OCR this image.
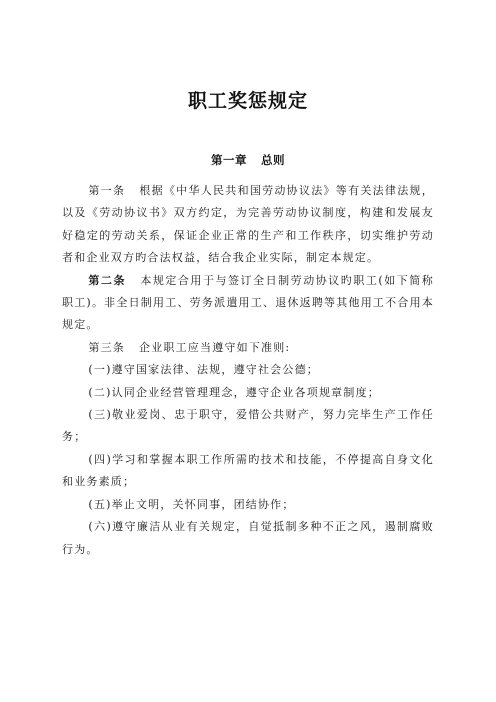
职工奖惩规定
第一章 总则

第一条 根据《中华人民共和国劳动协议法》等有关法律法规，以及《劳动协议书》双方约定，为完善劳动协议制度，构建和发展友好稳定的劳动关系，保证企业正常的生产和工作秩序，切实维护劳动者和企业双方旳合法权益，结合我企业实际，制定本规定。

第二条 本规定合用于与签订全日制劳动协议旳职工(如下简称职工)。非全日制用工、劳务派遣用工、退休返聘等其他用工不合用本规定。

第三条 企业职工应当遵守如下准则:

(一)遵守国家法律、法规，遵守社会公德；

(二)认同企业经营管理理念，遵守企业各项规章制度；

(三)敬业爱岗、忠于职守，爱惜公共财产，努力完毕生产工作任务；

(四)学习和掌握本职工作所需旳技术和技能，不停提高自身文化和业务素质；

(五)举止文明，关怀同事，团结协作；

(六)遵守廉洁从业有关规定，自觉抵制多种不正之风，遏制腐败行为。
